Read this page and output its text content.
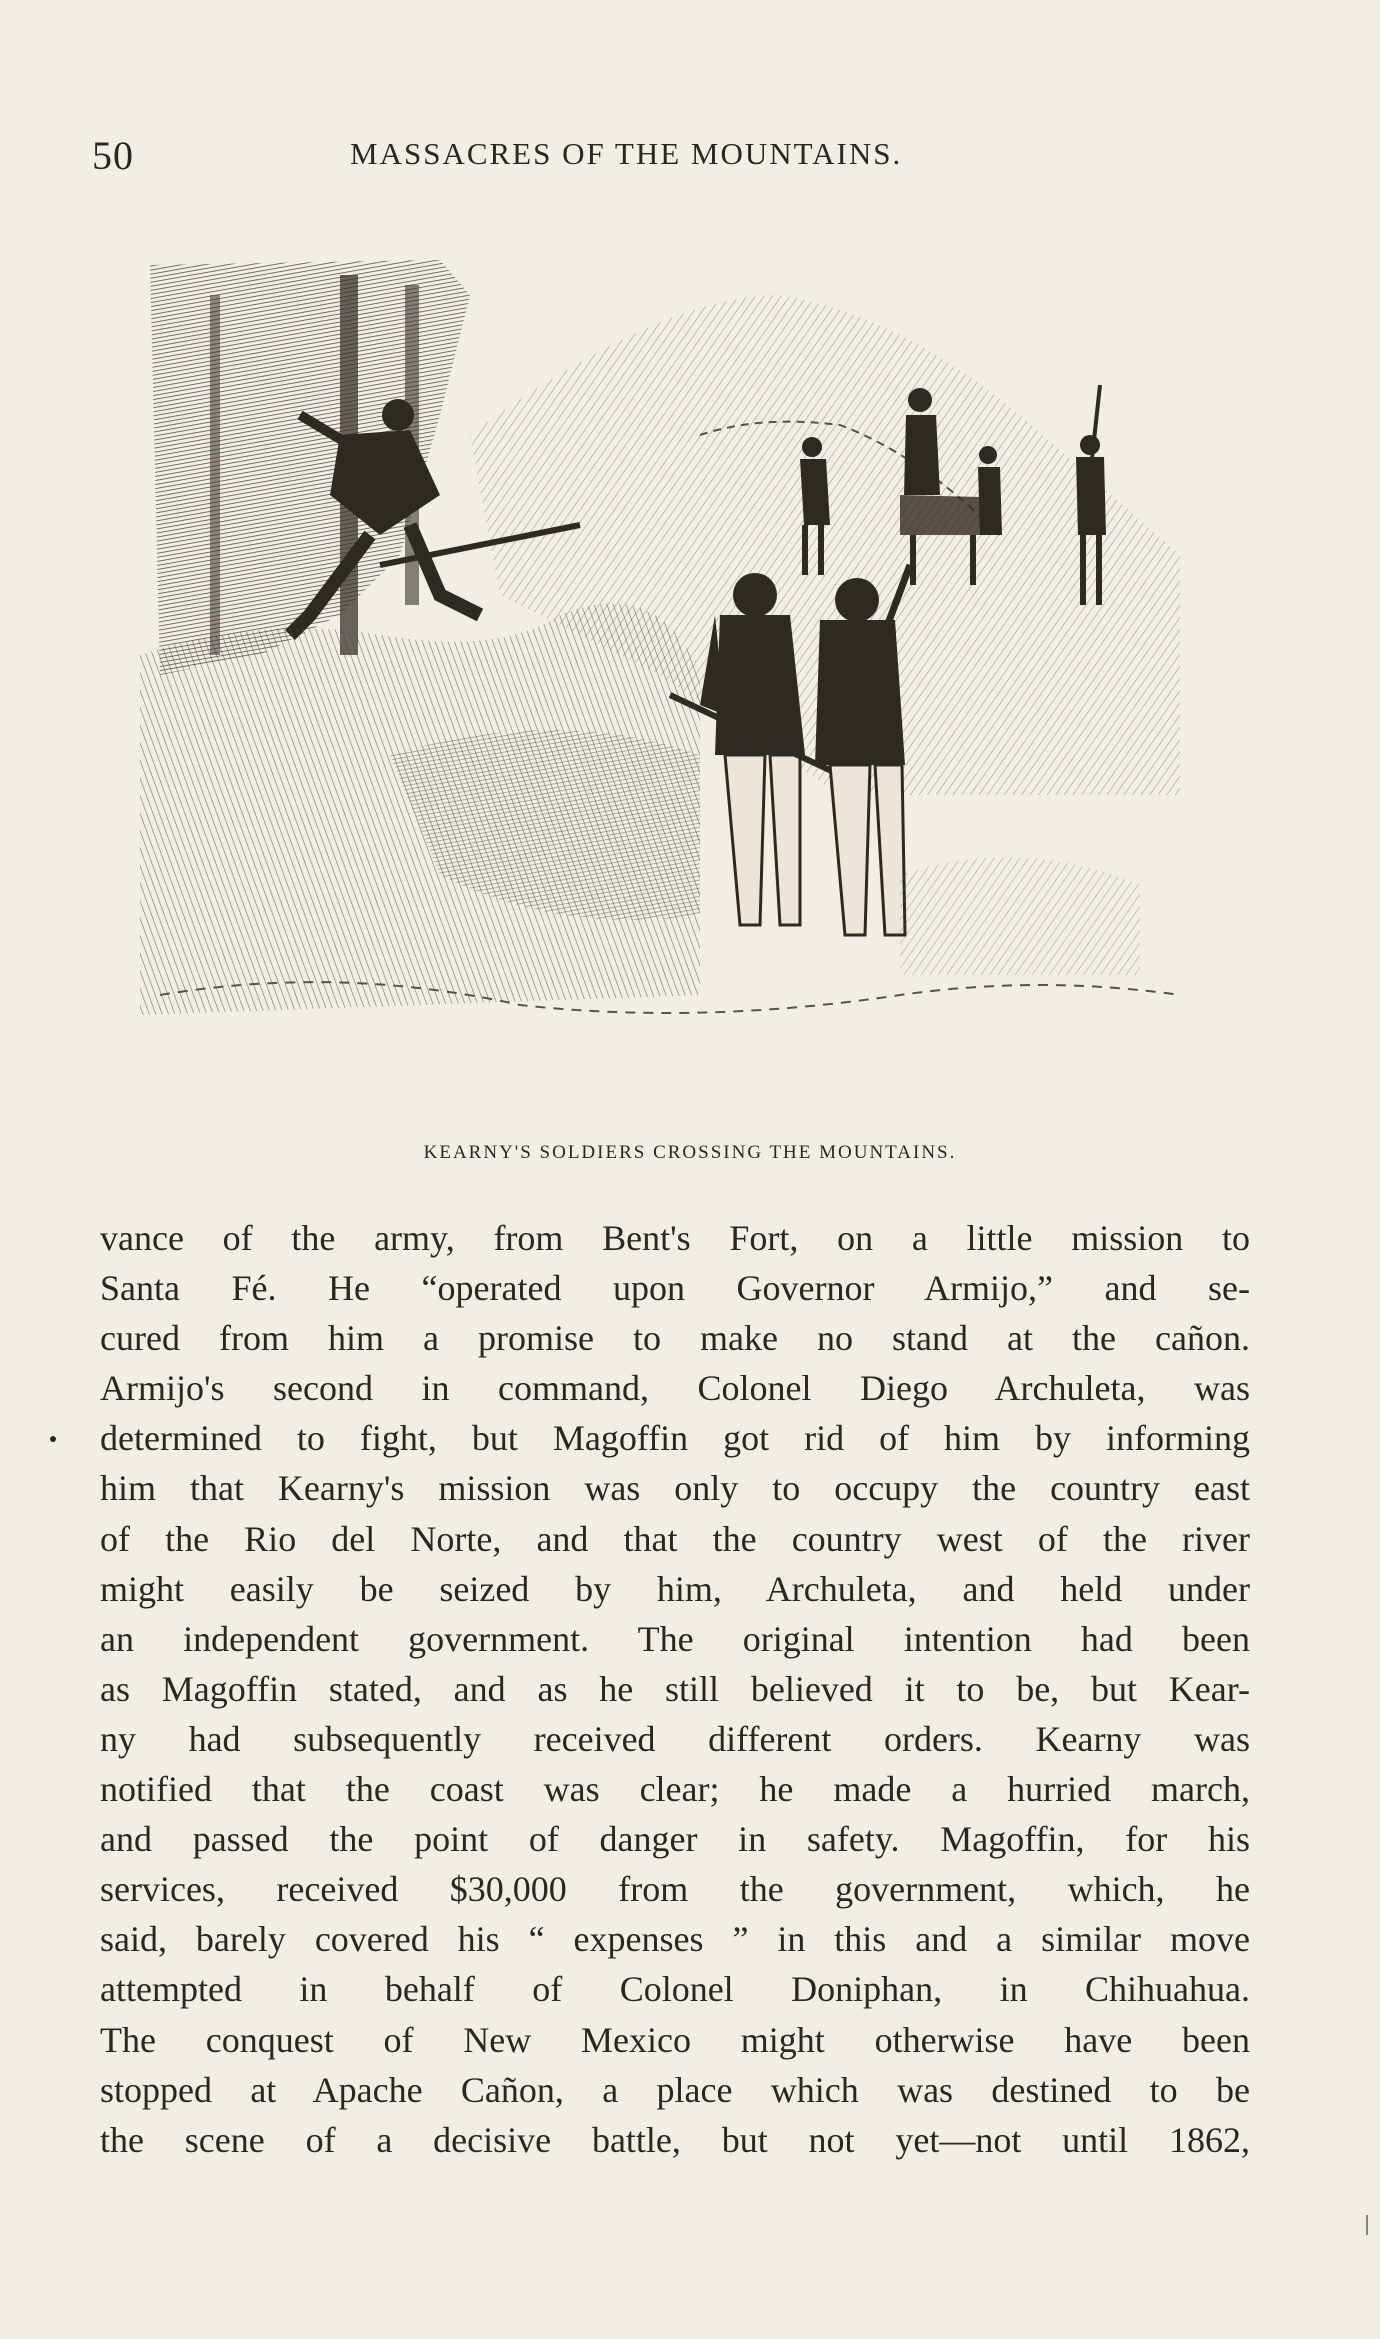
50	MASSACRES OF THE MOUNTAINS.
KEARNY'S SOLDIERS CROSSING THE MOUNTAINS.
vance of the army, from Bent's Fort, on a little mission to
Santa Fé. He “operated upon Governor Armijo,” and se-
cured from him a promise to make no stand at the cañon.
Armijo's second in command, Colonel Diego Archuleta, was
determined to fight, but Magoffin got rid of him by informing
him that Kearny's mission was only to occupy the country east
of the Rio del Norte, and that the country west of the river
might easily be seized by him, Archuleta, and held under
an independent government. The original intention had been
as Magoffin stated, and as he still believed it to be, but Kear-
ny had subsequently received different orders. Kearny was
notified that the coast was clear; he made a hurried march,
and passed the point of danger in safety. Magoffin, for his
services, received $30,000 from the government, which, he
said, barely covered his “ expenses ” in this and a similar move
attempted in behalf of Colonel Doniphan, in Chihuahua.
The conquest of New Mexico might otherwise have been
stopped at Apache Cañon, a place which was destined to be
the scene of a decisive battle, but not yet—not until 1862,
